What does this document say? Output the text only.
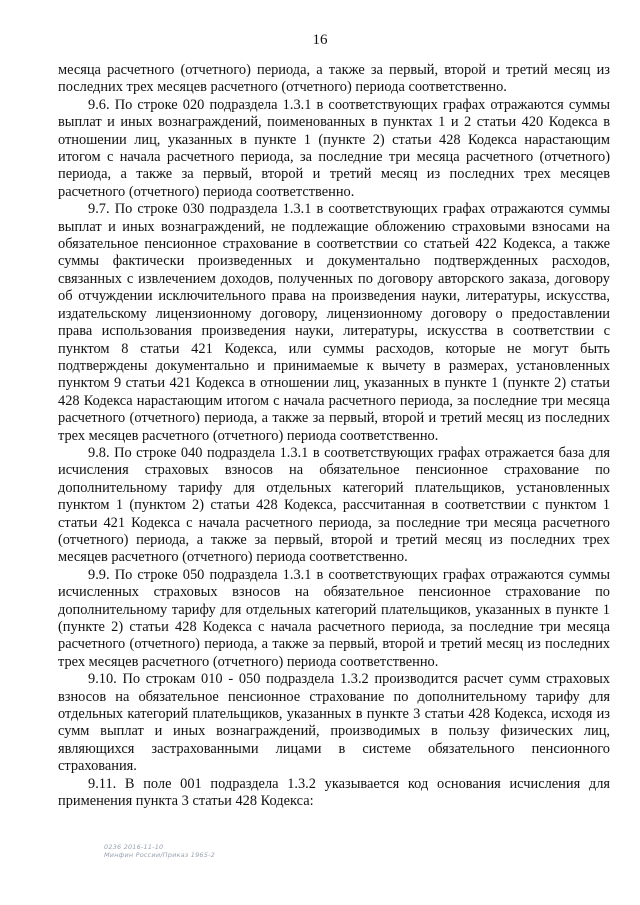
16

месяца расчетного (отчетного) периода, а также за первый, второй и третий месяц из последних трех месяцев расчетного (отчетного) периода соответственно.

9.6. По строке 020 подраздела 1.3.1 в соответствующих графах отражаются суммы выплат и иных вознаграждений, поименованных в пунктах 1 и 2 статьи 420 Кодекса в отношении лиц, указанных в пункте 1 (пункте 2) статьи 428 Кодекса нарастающим итогом с начала расчетного периода, за последние три месяца расчетного (отчетного) периода, а также за первый, второй и третий месяц из последних трех месяцев расчетного (отчетного) периода соответственно.

9.7. По строке 030 подраздела 1.3.1 в соответствующих графах отражаются суммы выплат и иных вознаграждений, не подлежащие обложению страховыми взносами на обязательное пенсионное страхование в соответствии со статьей 422 Кодекса, а также суммы фактически произведенных и документально подтвержденных расходов, связанных с извлечением доходов, полученных по договору авторского заказа, договору об отчуждении исключительного права на произведения науки, литературы, искусства, издательскому лицензионному договору, лицензионному договору о предоставлении права использования произведения науки, литературы, искусства в соответствии с пунктом 8 статьи 421 Кодекса, или суммы расходов, которые не могут быть подтверждены документально и принимаемые к вычету в размерах, установленных пунктом 9 статьи 421 Кодекса в отношении лиц, указанных в пункте 1 (пункте 2) статьи 428 Кодекса нарастающим итогом с начала расчетного периода, за последние три месяца расчетного (отчетного) периода, а также за первый, второй и третий месяц из последних трех месяцев расчетного (отчетного) периода соответственно.

9.8. По строке 040 подраздела 1.3.1 в соответствующих графах отражается база для исчисления страховых взносов на обязательное пенсионное страхование по дополнительному тарифу для отдельных категорий плательщиков, установленных пунктом 1 (пунктом 2) статьи 428 Кодекса, рассчитанная в соответствии с пунктом 1 статьи 421 Кодекса с начала расчетного периода, за последние три месяца расчетного (отчетного) периода, а также за первый, второй и третий месяц из последних трех месяцев расчетного (отчетного) периода соответственно.

9.9. По строке 050 подраздела 1.3.1 в соответствующих графах отражаются суммы исчисленных страховых взносов на обязательное пенсионное страхование по дополнительному тарифу для отдельных категорий плательщиков, указанных в пункте 1 (пункте 2) статьи 428 Кодекса с начала расчетного периода, за последние три месяца расчетного (отчетного) периода, а также за первый, второй и третий месяц из последних трех месяцев расчетного (отчетного) периода соответственно.

9.10. По строкам 010 - 050 подраздела 1.3.2 производится расчет сумм страховых взносов на обязательное пенсионное страхование по дополнительному тарифу для отдельных категорий плательщиков, указанных в пункте 3 статьи 428 Кодекса, исходя из сумм выплат и иных вознаграждений, производимых в пользу физических лиц, являющихся застрахованными лицами в системе обязательного пенсионного страхования.

9.11. В поле 001 подраздела 1.3.2 указывается код основания исчисления для применения пункта 3 статьи 428 Кодекса:

0236 2016-11-10
Минфин России/Приказ 1965-2
